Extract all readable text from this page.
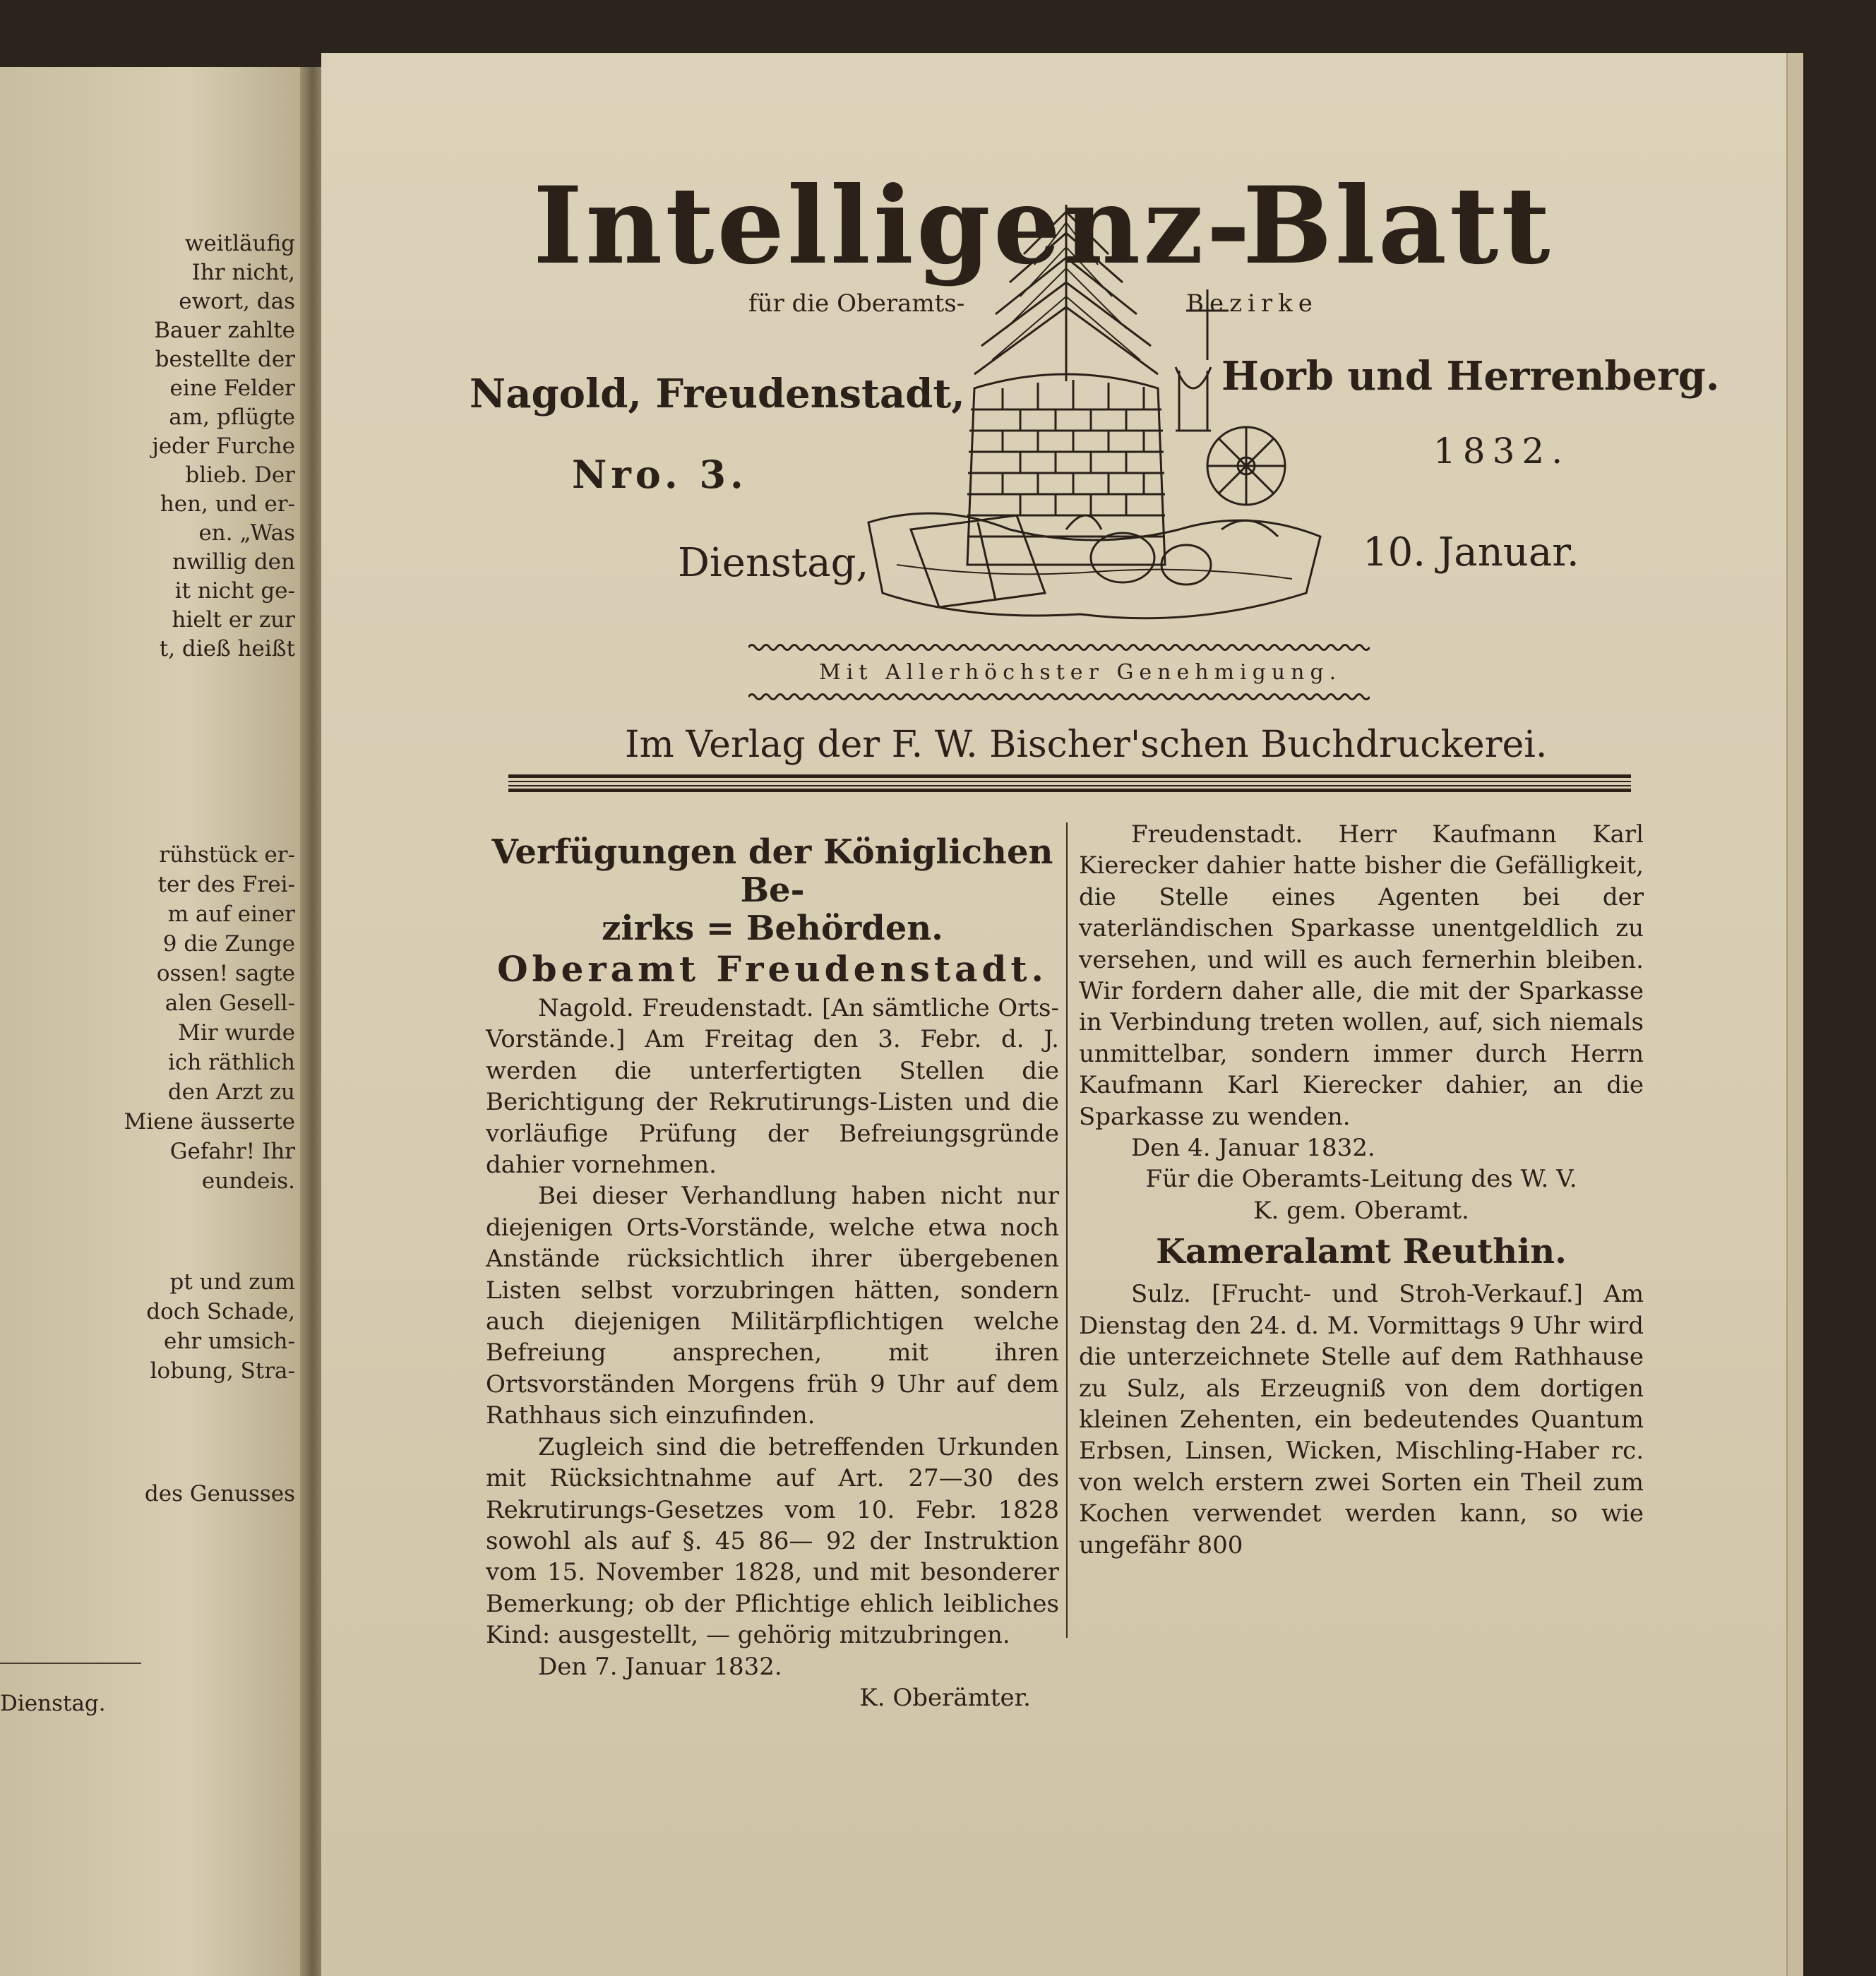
weitläufig
Ihr nicht,
ewort, das
Bauer zahlte
bestellte der
eine Felder
am, pflügte
jeder Furche
blieb. Der
hen, und er-
en. „Was
nwillig den
it nicht ge-
hielt er zur
t, dieß heißt
rühstück er-
ter des Frei-
m auf einer
9 die Zunge
ossen! sagte
alen Gesell-
Mir wurde
ich räthlich
den Arzt zu
Miene äusserte
Gefahr! Ihr
eundeis.
pt und zum
doch Schade,
ehr umsich-
lobung, Stra-
des Genusses
Dienstag.
Intelligenz-
Blatt
für die Oberamts-	Bezirke
Nagold, Freudenstadt,	Horb und Herrenberg.
Nro. 3.
1832.
Dienstag,	10. Januar.
Mit Allerhöchster Genehmigung.
Im Verlag der F. W. Bischer'schen Buchdruckerei.

Verfügungen der Königlichen Be-

zirks = Behörden.

Oberamt Freudenstadt.

Nagold. Freudenstadt. [An sämtliche Orts-Vorstände.] Am Freitag den 3. Febr. d. J. werden die unterfertigten Stellen die Berichtigung der Rekrutirungs-Listen und die vorläufige Prüfung der Befreiungsgründe dahier vornehmen.

Bei dieser Verhandlung haben nicht nur diejenigen Orts-Vorstände, welche etwa noch Anstände rücksichtlich ihrer übergebenen Listen selbst vorzubringen hätten, sondern auch diejenigen Militärpflichtigen welche Befreiung ansprechen, mit ihren Ortsvorständen Morgens früh 9 Uhr auf dem Rathhaus sich einzufinden.

Zugleich sind die betreffenden Urkunden mit Rücksichtnahme auf Art. 27—30 des Rekrutirungs-Gesetzes vom 10. Febr. 1828 sowohl als auf §. 45 86— 92 der Instruktion vom 15. November 1828, und mit besonderer Bemerkung; ob der Pflichtige ehlich leibliches Kind: ausgestellt, — gehörig mitzubringen.

Den 7. Januar 1832.

K. Oberämter.

Freudenstadt. Herr Kaufmann Karl Kierecker dahier hatte bisher die Gefälligkeit, die Stelle eines Agenten bei der vaterländischen Sparkasse unentgeldlich zu versehen, und will es auch fernerhin bleiben. Wir fordern daher alle, die mit der Sparkasse in Verbindung treten wollen, auf, sich niemals unmittelbar, sondern immer durch Herrn Kaufmann Karl Kierecker dahier, an die Sparkasse zu wenden.

Den 4. Januar 1832.

Für die Oberamts-Leitung des W. V.

K. gem. Oberamt.

Kameralamt Reuthin.

Sulz. [Frucht- und Stroh-Verkauf.] Am Dienstag den 24. d. M. Vormittags 9 Uhr wird die unterzeichnete Stelle auf dem Rathhause zu Sulz, als Erzeugniß von dem dortigen kleinen Zehenten, ein bedeutendes Quantum Erbsen, Linsen, Wicken, Mischling-Haber rc. von welch erstern zwei Sorten ein Theil zum Kochen verwendet werden kann, so wie ungefähr 800
